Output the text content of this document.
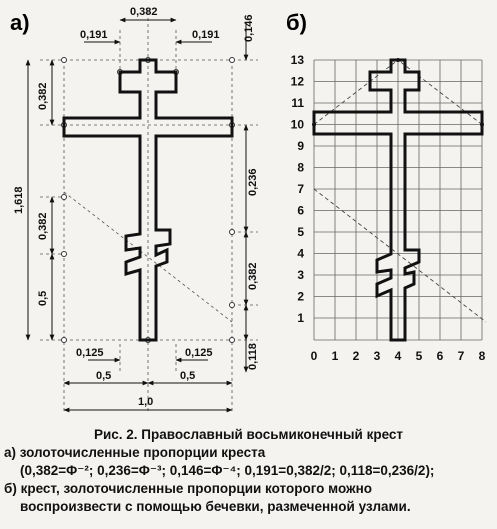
а)	0,382
0,191	0,191 0,146
0,382
0,236
1,618
0,382
0,382
0,5
0,118
0,125	0,125
0,5	0,5
1,0
б)
0 1 2 3 4 5 6 7 8
1
2
3
4
5
6
7
8
9
10
11
12
13
Рис. 2. Православный восьмиконечный крест
а) золоточисленные пропорции креста
(0,382=Φ⁻²; 0,236=Φ⁻³; 0,146=Φ⁻⁴; 0,191=0,382/2; 0,118=0,236/2);
б) крест, золоточисленные пропорции которого можно
воспроизвести с помощью бечевки, размеченной узлами.
